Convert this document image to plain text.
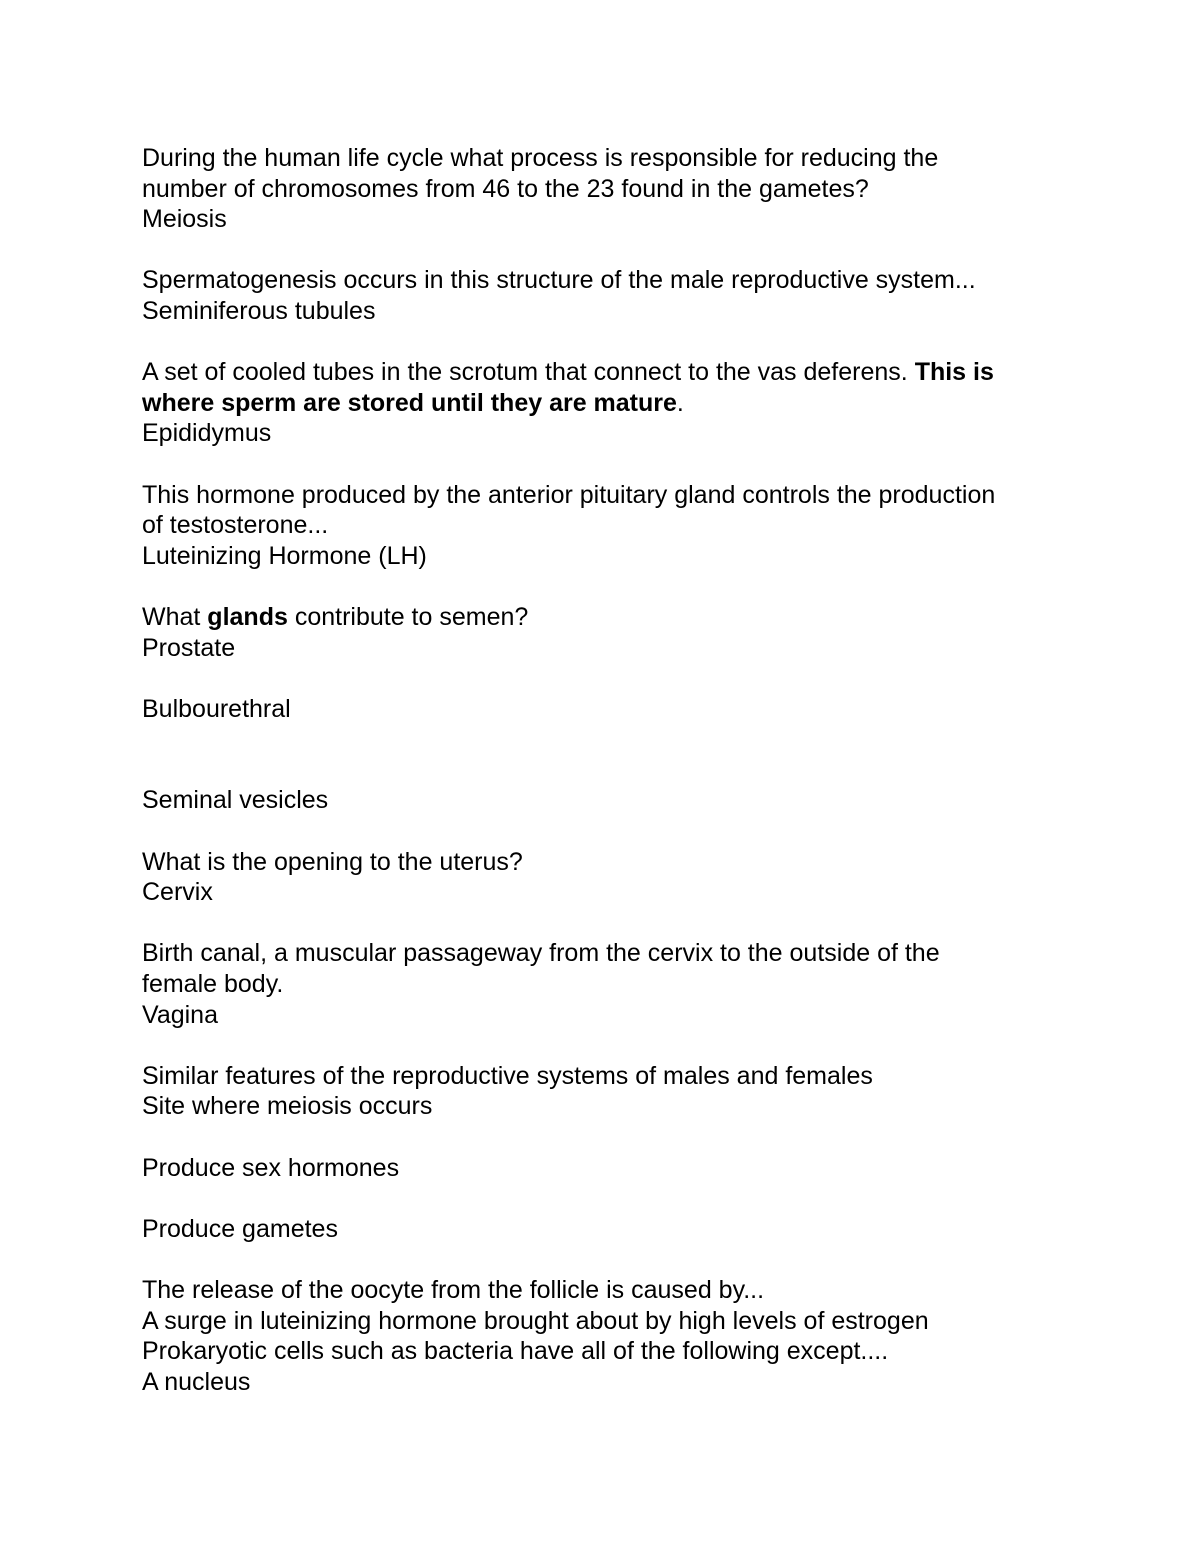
During the human life cycle what process is responsible for reducing the
number of chromosomes from 46 to the 23 found in the gametes?
Meiosis
Spermatogenesis occurs in this structure of the male reproductive system...
Seminiferous tubules
A set of cooled tubes in the scrotum that connect to the vas deferens. This is
where sperm are stored until they are mature.
Epididymus
This hormone produced by the anterior pituitary gland controls the production
of testosterone...
Luteinizing Hormone (LH)
What glands contribute to semen?
Prostate
Bulbourethral
Seminal vesicles
What is the opening to the uterus?
Cervix
Birth canal, a muscular passageway from the cervix to the outside of the
female body.
Vagina
Similar features of the reproductive systems of males and females
Site where meiosis occurs
Produce sex hormones
Produce gametes
The release of the oocyte from the follicle is caused by...
A surge in luteinizing hormone brought about by high levels of estrogen
Prokaryotic cells such as bacteria have all of the following except....
A nucleus
